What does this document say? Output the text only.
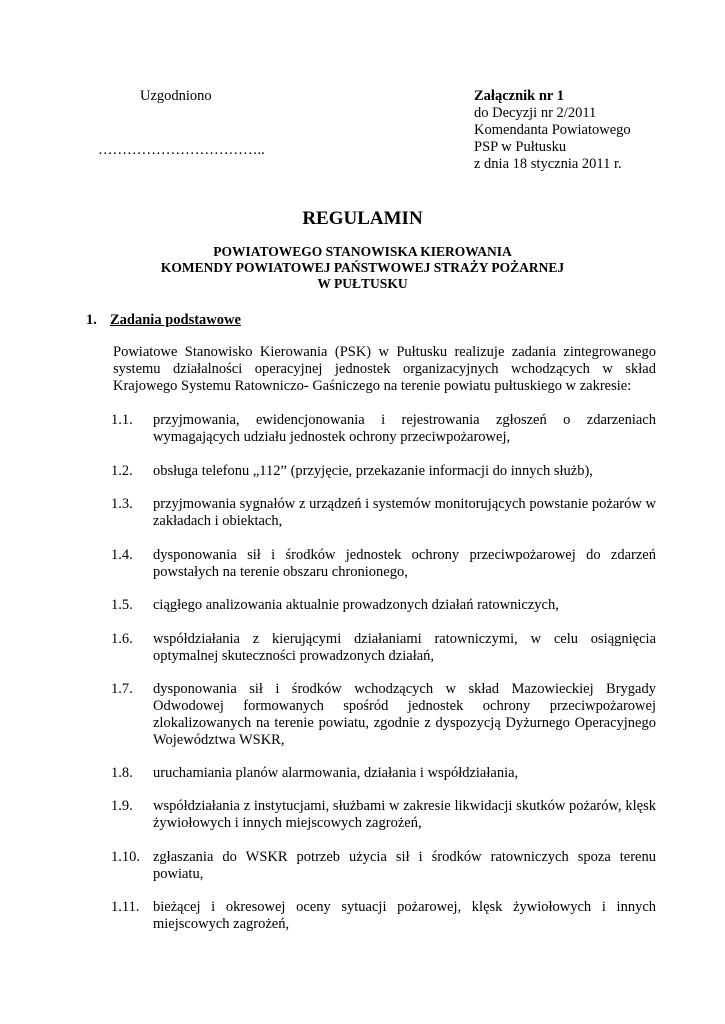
Uzgodniono
……………………………..
Załącznik nr 1
do Decyzji nr 2/2011
Komendanta Powiatowego
PSP w Pułtusku
z dnia 18 stycznia 2011 r.
REGULAMIN
POWIATOWEGO STANOWISKA KIEROWANIA
KOMENDY POWIATOWEJ PAŃSTWOWEJ STRAŻY POŻARNEJ
W PUŁTUSKU
1. Zadania podstawowe
Powiatowe Stanowisko Kierowania (PSK) w Pułtusku realizuje zadania zintegrowanego systemu działalności operacyjnej jednostek organizacyjnych wchodzących w skład Krajowego Systemu Ratowniczo- Gaśniczego na terenie powiatu pułtuskiego w zakresie:
1.1. przyjmowania, ewidencjonowania i rejestrowania zgłoszeń o zdarzeniach wymagających udziału jednostek ochrony przeciwpożarowej,
1.2. obsługa telefonu „112” (przyjęcie, przekazanie informacji do innych służb),
1.3. przyjmowania sygnałów z urządzeń i systemów monitorujących powstanie pożarów w zakładach i obiektach,
1.4. dysponowania sił i środków jednostek ochrony przeciwpożarowej do zdarzeń powstałych na terenie obszaru chronionego,
1.5. ciągłego analizowania aktualnie prowadzonych działań ratowniczych,
1.6. współdziałania z kierującymi działaniami ratowniczymi, w celu osiągnięcia optymalnej skuteczności prowadzonych działań,
1.7. dysponowania sił i środków wchodzących w skład Mazowieckiej Brygady Odwodowej formowanych spośród jednostek ochrony przeciwpożarowej zlokalizowanych na terenie powiatu, zgodnie z dyspozycją Dyżurnego Operacyjnego Województwa WSKR,
1.8. uruchamiania planów alarmowania, działania i współdziałania,
1.9. współdziałania z instytucjami, służbami w zakresie likwidacji skutków pożarów, klęsk żywiołowych i innych miejscowych zagrożeń,
1.10. zgłaszania do WSKR potrzeb użycia sił i środków ratowniczych spoza terenu powiatu,
1.11. bieżącej i okresowej oceny sytuacji pożarowej, klęsk żywiołowych i innych miejscowych zagrożeń,
